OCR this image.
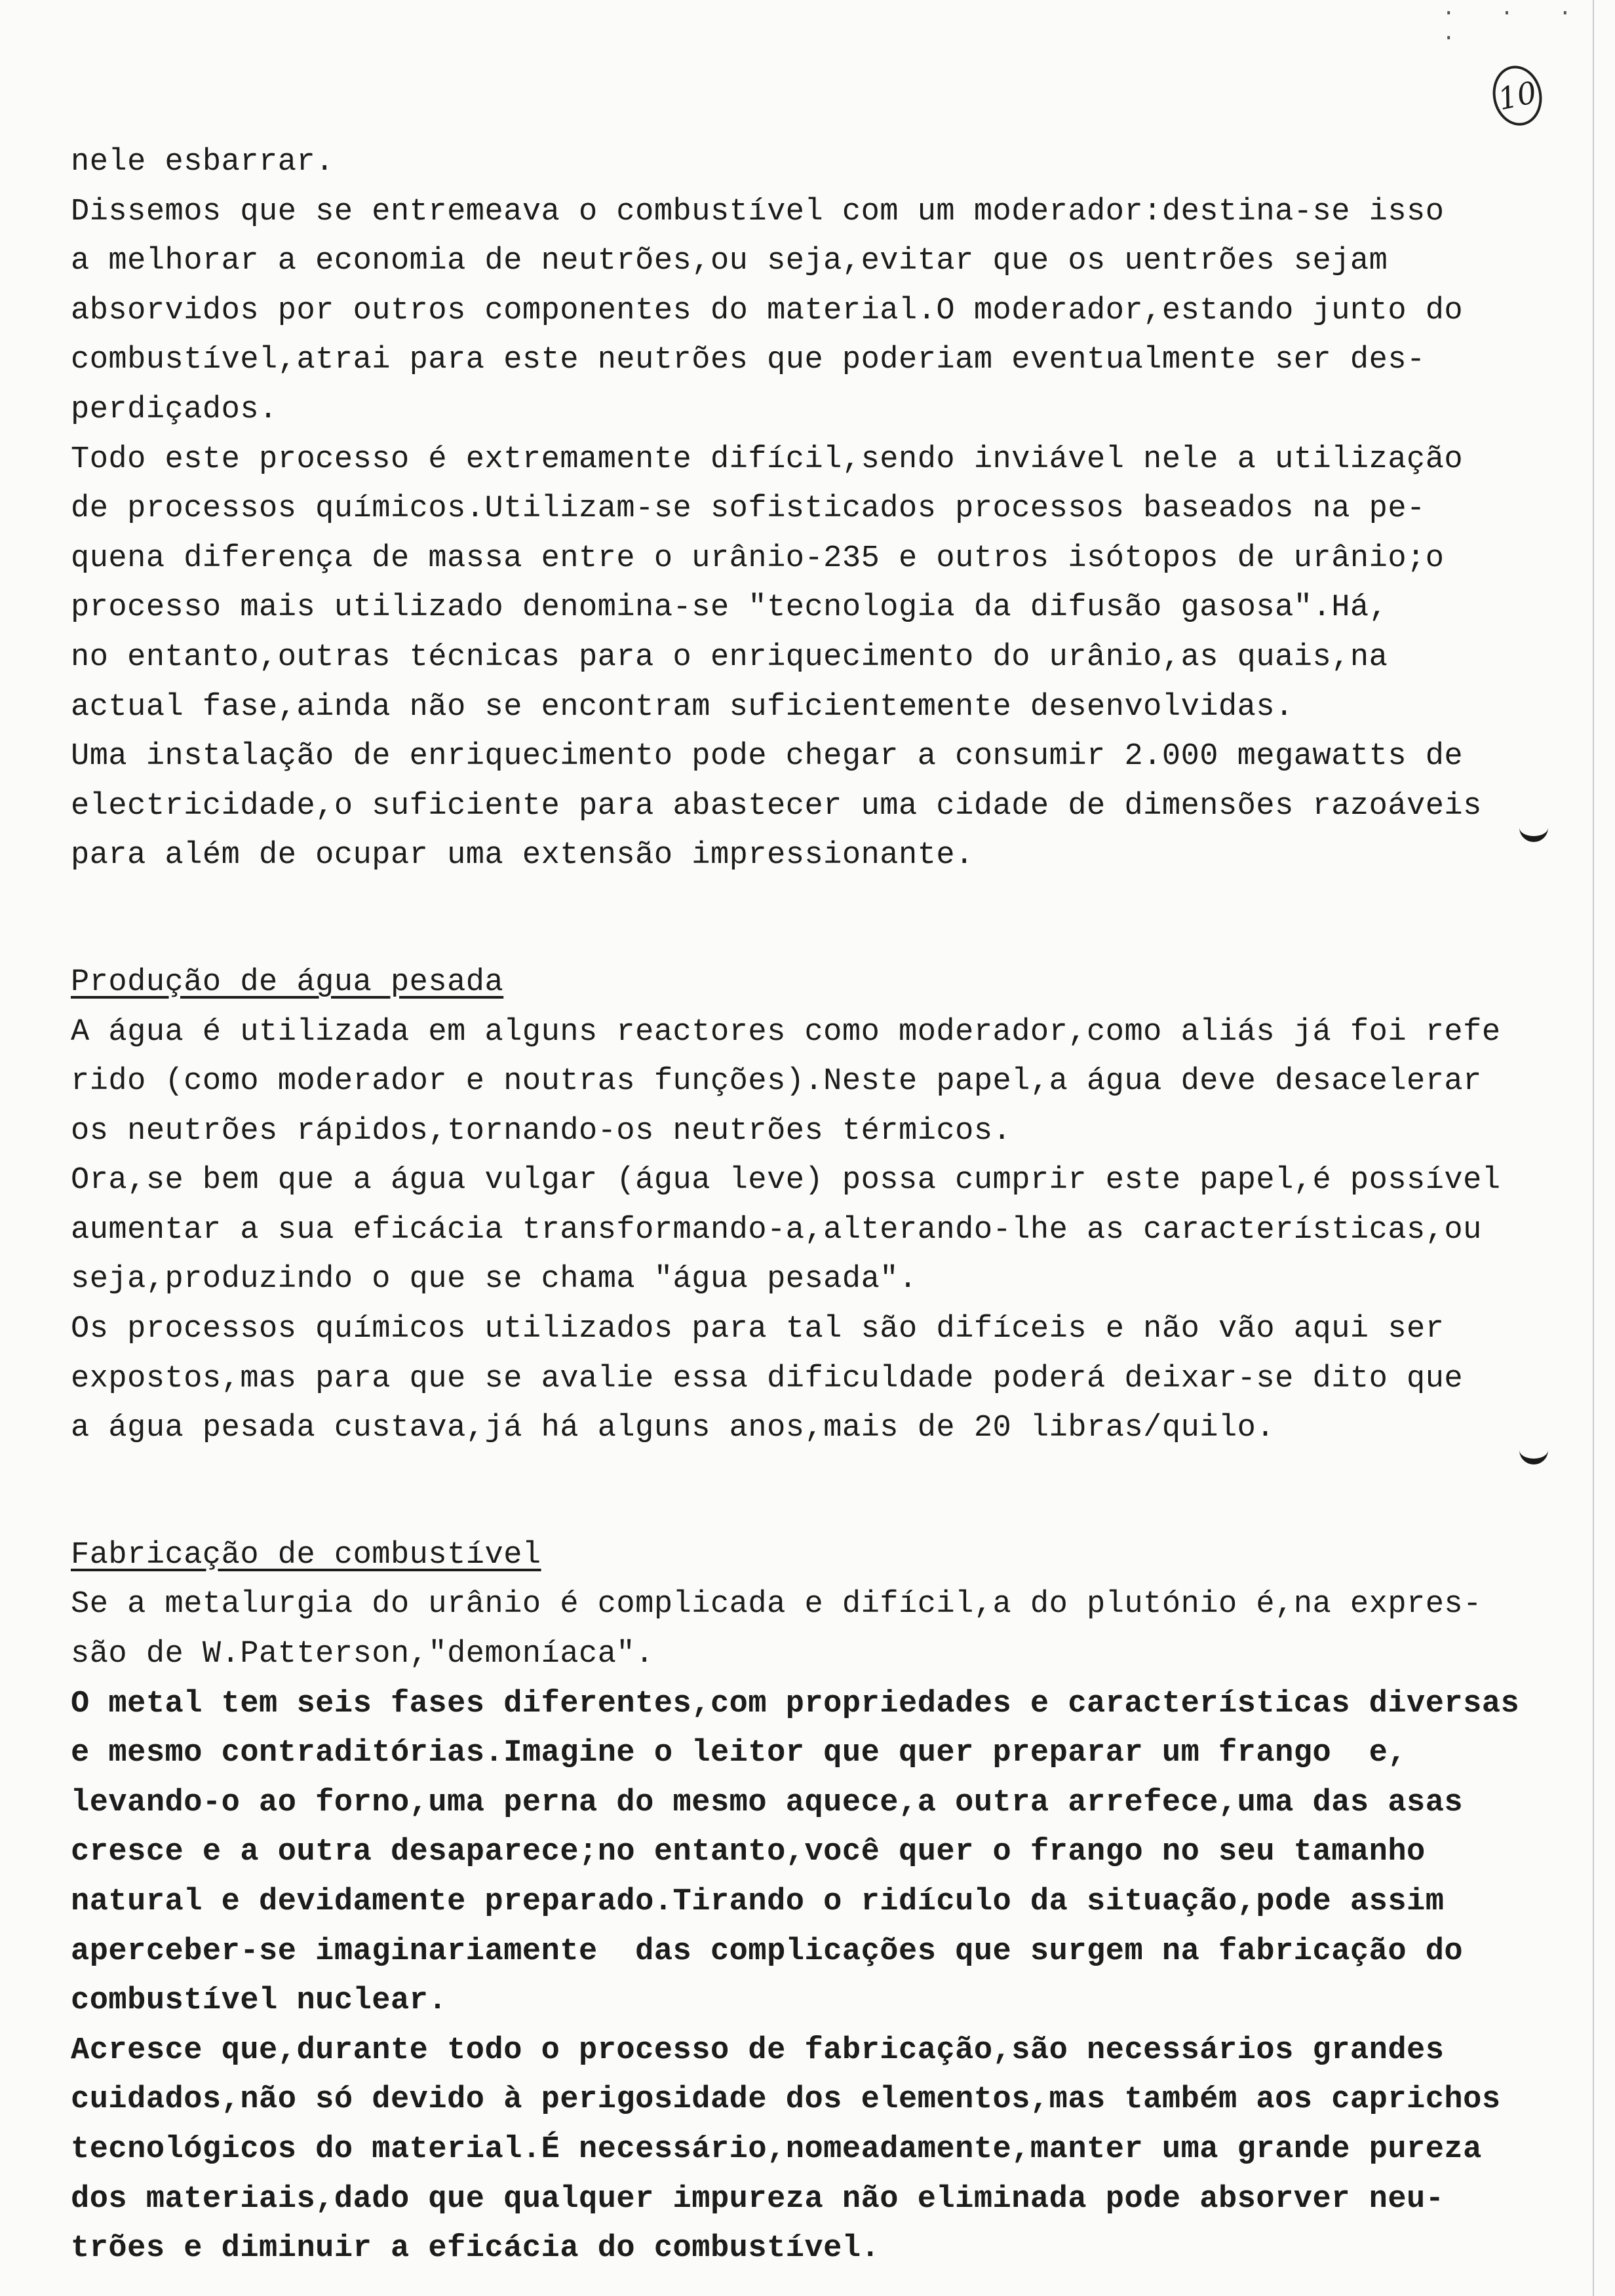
· · · ·
10
nele esbarrar.
Dissemos que se entremeava o combustível com um moderador:destina-se isso
a melhorar a economia de neutrões,ou seja,evitar que os uentrões sejam
absorvidos por outros componentes do material.O moderador,estando junto do
combustível,atrai para este neutrões que poderiam eventualmente ser des-
perdiçados.
Todo este processo é extremamente difícil,sendo inviável nele a utilização
de processos químicos.Utilizam-se sofisticados processos baseados na pe-
quena diferença de massa entre o urânio-235 e outros isótopos de urânio;o
processo mais utilizado denomina-se "tecnologia da difusão gasosa".Há,
no entanto,outras técnicas para o enriquecimento do urânio,as quais,na
actual fase,ainda não se encontram suficientemente desenvolvidas.
Uma instalação de enriquecimento pode chegar a consumir 2.000 megawatts de
electricidade,o suficiente para abastecer uma cidade de dimensões razoáveis
para além de ocupar uma extensão impressionante.
Produção de água pesada
A água é utilizada em alguns reactores como moderador,como aliás já foi refe
rido (como moderador e noutras funções).Neste papel,a água deve desacelerar
os neutrões rápidos,tornando-os neutrões térmicos.
Ora,se bem que a água vulgar (água leve) possa cumprir este papel,é possível
aumentar a sua eficácia transformando-a,alterando-lhe as características,ou
seja,produzindo o que se chama "água pesada".
Os processos químicos utilizados para tal são difíceis e não vão aqui ser
expostos,mas para que se avalie essa dificuldade poderá deixar-se dito que
a água pesada custava,já há alguns anos,mais de 20 libras/quilo.
Fabricação de combustível
Se a metalurgia do urânio é complicada e difícil,a do plutónio é,na expres-
são de W.Patterson,"demoníaca".
O metal tem seis fases diferentes,com propriedades e características diversas
e mesmo contraditórias.Imagine o leitor que quer preparar um frango  e,
levando-o ao forno,uma perna do mesmo aquece,a outra arrefece,uma das asas
cresce e a outra desaparece;no entanto,você quer o frango no seu tamanho
natural e devidamente preparado.Tirando o ridículo da situação,pode assim
aperceber-se imaginariamente  das complicações que surgem na fabricação do
combustível nuclear.
Acresce que,durante todo o processo de fabricação,são necessários grandes
cuidados,não só devido à perigosidade dos elementos,mas também aos caprichos
tecnológicos do material.É necessário,nomeadamente,manter uma grande pureza
dos materiais,dado que qualquer impureza não eliminada pode absorver neu-
trões e diminuir a eficácia do combustível.
